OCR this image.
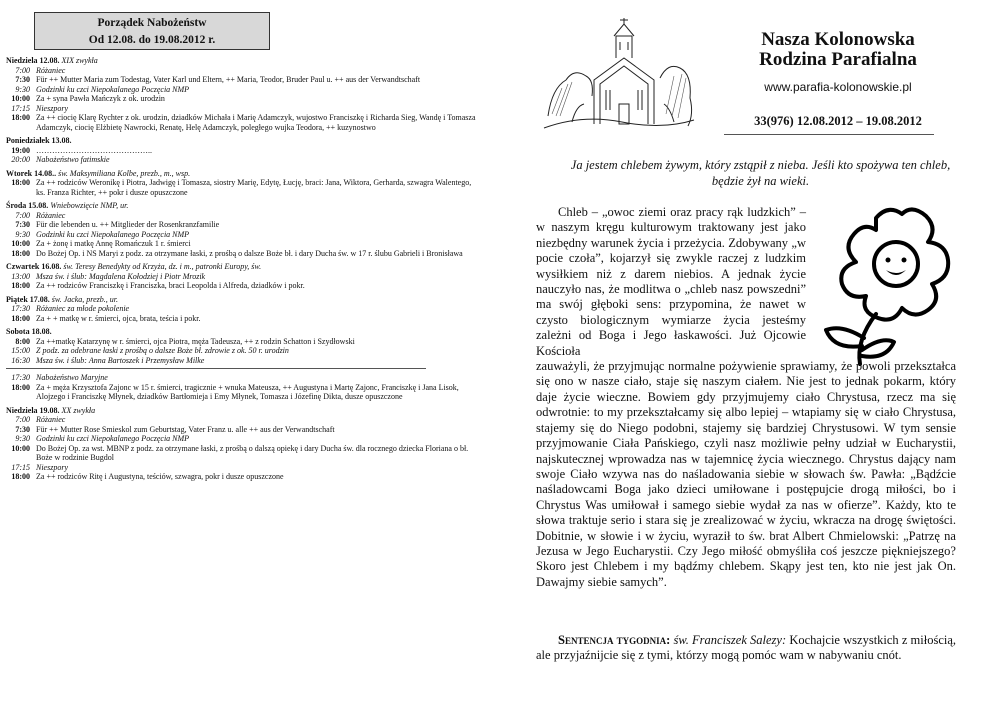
Porządek Nabożeństw
Od 12.08. do 19.08.2012 r.
Niedziela 12.08. XIX zwykła
7:00 Różaniec
7:30 Für ++ Mutter Maria zum Todestag, Vater Karl und Eltern, ++ Maria, Teodor, Bruder Paul u. ++ aus der Verwandtschaft
9:30 Godzinki ku czci Niepokalanego Poczęcia NMP
10:00 Za + syna Pawła Mańczyk z ok. urodzin
17:15 Nieszpory
18:00 Za ++ ciocię Klarę Rychter z ok. urodzin, dziadków Michała i Marię Adamczyk, wujostwo Franciszkę i Richarda Sieg, Wandę i Tomasza Adamczyk, ciocię Elżbietę Nawrocki, Renatę, Helę Adamczyk, poległego wujka Teodora, ++ kuzynostwo
Poniedziałek 13.08.
19:00 ……………………………………..
20:00 Nabożeństwo fatimskie
Wtorek 14.08.. św. Maksymiliana Kolbe, prezb., m., wsp.
18:00 Za ++ rodziców Weronikę i Piotra, Jadwigę i Tomasza, siostry Marię, Edytę, Łucję, braci: Jana, Wiktora, Gerharda, szwagra Walentego, ks. Franza Richter, ++ pokr i dusze opuszczone
Środa 15.08. Wniebowzięcie NMP, ur.
7:00 Różaniec
7:30 Für die lebenden u. ++ Mitglieder der Rosenkranzfamilie
9:30 Godzinki ku czci Niepokalanego Poczęcia NMP
10:00 Za + żonę i matkę Annę Romańczuk 1 r. śmierci
18:00 Do Bożej Op. i NS Maryi z podz. za otrzymane łaski, z prośbą o dalsze Boże bł. i dary Ducha św. w 17 r. ślubu Gabrieli i Bronisława
Czwartek 16.08. św. Teresy Benedykty od Krzyża, dz. i m., patronki Europy, św.
13:00 Msza św. i ślub: Magdalena Kołodziej i Piotr Mrozik
18:00 Za ++ rodziców Franciszkę i Franciszka, braci Leopolda i Alfreda, dziadków i pokr.
Piątek 17.08. św. Jacka, prezb., ur.
17:30 Różaniec za młode pokolenie
18:00 Za + + matkę w r. śmierci, ojca, brata, teścia i pokr.
Sobota 18.08.
8:00 Za ++matkę Katarzynę w r. śmierci, ojca Piotra, męża Tadeusza, ++ z rodzin Schatton i Szydłowski
15:00 Z podz. za odebrane łaski z prośbą o dalsze Boże bł. zdrowie z ok. 50 r. urodzin
16:30 Msza św. i ślub: Anna Bartoszek i Przemysław Milke
17:30 Nabożeństwo Maryjne
18:00 Za + męża Krzysztofa Zajonc w 15 r. śmierci, tragicznie + wnuka Mateusza, ++ Augustyna i Martę Zajonc, Franciszkę i Jana Lisok, Alojzego i Franciszkę Młynek, dziadków Bartłomieja i Emy Młynek, Tomasza i Józefinę Dikta, dusze opuszczone
Niedziela 19.08. XX zwykła
7:00 Różaniec
7:30 Für ++ Mutter Rose Smieskol zum Geburtstag, Vater Franz u. alle ++ aus der Verwandtschaft
9:30 Godzinki ku czci Niepokalanego Poczęcia NMP
10:00 Do Bożej Op. za wst. MBNP z podz. za otrzymane łaski, z prośbą o dalszą opiekę i dary Ducha św. dla rocznego dziecka Floriana o bł. Boże w rodzinie Bugdol
17:15 Nieszpory
18:00 Za ++ rodziców Ritę i Augustyna, teściów, szwagra, pokr i dusze opuszczone
Nasza Kolonowska
Rodzina Parafialna
www.parafia-kolonowskie.pl
33(976) 12.08.2012 – 19.08.2012
Ja jestem chlebem żywym, który zstąpił z nieba. Jeśli kto spożywa ten chleb, będzie żył na wieki.

Chleb – „owoc ziemi oraz pracy rąk ludzkich” – w naszym kręgu kulturowym traktowany jest jako niezbędny warunek życia i przeżycia. Zdobywany „w pocie czoła”, kojarzył się zwykle raczej z ludzkim wysiłkiem niż z darem niebios. A jednak życie nauczyło nas, że modlitwa o „chleb nasz powszedni” ma swój głęboki sens: przypomina, że nawet w czysto biologicznym wymiarze życia jesteśmy zależni od Boga i Jego łaskawości. Już Ojcowie Kościoła

zauważyli, że przyjmując normalne pożywienie sprawiamy, że powoli przekształca się ono w nasze ciało, staje się naszym ciałem. Nie jest to jednak pokarm, który daje życie wieczne. Bowiem gdy przyjmujemy ciało Chrystusa, rzecz ma się odwrotnie: to my przekształcamy się albo lepiej – wtapiamy się w ciało Chrystusa, stajemy się do Niego podobni, stajemy się bardziej Chrystusowi. W tym sensie przyjmowanie Ciała Pańskiego, czyli nasz możliwie pełny udział w Eucharystii, najskutecznej wprowadza nas w tajemnicę życia wiecznego. Chrystus dający nam swoje Ciało wzywa nas do naśladowania siebie w słowach św. Pawła: „Bądźcie naśladowcami Boga jako dzieci umiłowane i postępujcie drogą miłości, bo i Chrystus Was umiłował i samego siebie wydał za nas w ofierze”. Każdy, kto te słowa traktuje serio i stara się je zrealizować w życiu, wkracza na drogę świętości. Dobitnie, w słowie i w życiu, wyraził to św. brat Albert Chmielowski: „Patrzę na Jezusa w Jego Eucharystii. Czy Jego miłość obmyśliła coś jeszcze piękniejszego? Skoro jest Chlebem i my bądźmy chlebem. Skąpy jest ten, kto nie jest jak On. Dawajmy siebie samych”.

Sentencja tygodnia: św. Franciszek Salezy: Kochajcie wszystkich z miłością, ale przyjaźnijcie się z tymi, którzy mogą pomóc wam w nabywaniu cnót.
